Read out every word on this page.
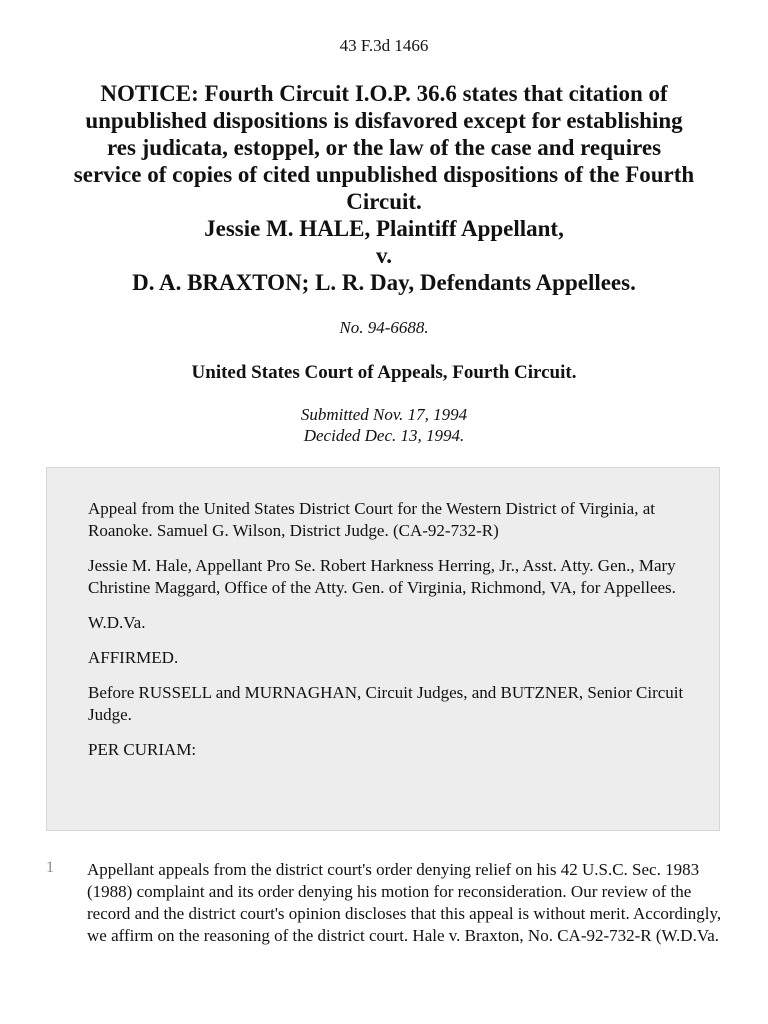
43 F.3d 1466
NOTICE: Fourth Circuit I.O.P. 36.6 states that citation of
unpublished dispositions is disfavored except for establishing
res judicata, estoppel, or the law of the case and requires
service of copies of cited unpublished dispositions of the Fourth
Circuit.
Jessie M. HALE, Plaintiff Appellant,
v.
D. A. BRAXTON; L. R. Day, Defendants Appellees.
No. 94-6688.
United States Court of Appeals, Fourth Circuit.
Submitted Nov. 17, 1994
Decided Dec. 13, 1994.

Appeal from the United States District Court for the Western District of Virginia, at Roanoke. Samuel G. Wilson, District Judge. (CA-92-732-R)

Jessie M. Hale, Appellant Pro Se. Robert Harkness Herring, Jr., Asst. Atty. Gen., Mary Christine Maggard, Office of the Atty. Gen. of Virginia, Richmond, VA, for Appellees.

W.D.Va.

AFFIRMED.

Before RUSSELL and MURNAGHAN, Circuit Judges, and BUTZNER, Senior Circuit Judge.

PER CURIAM:

1 Appellant appeals from the district court's order denying relief on his 42 U.S.C. Sec. 1983 (1988) complaint and its order denying his motion for reconsideration. Our review of the record and the district court's opinion discloses that this appeal is without merit. Accordingly, we affirm on the reasoning of the district court. Hale v. Braxton, No. CA-92-732-R (W.D.Va.
